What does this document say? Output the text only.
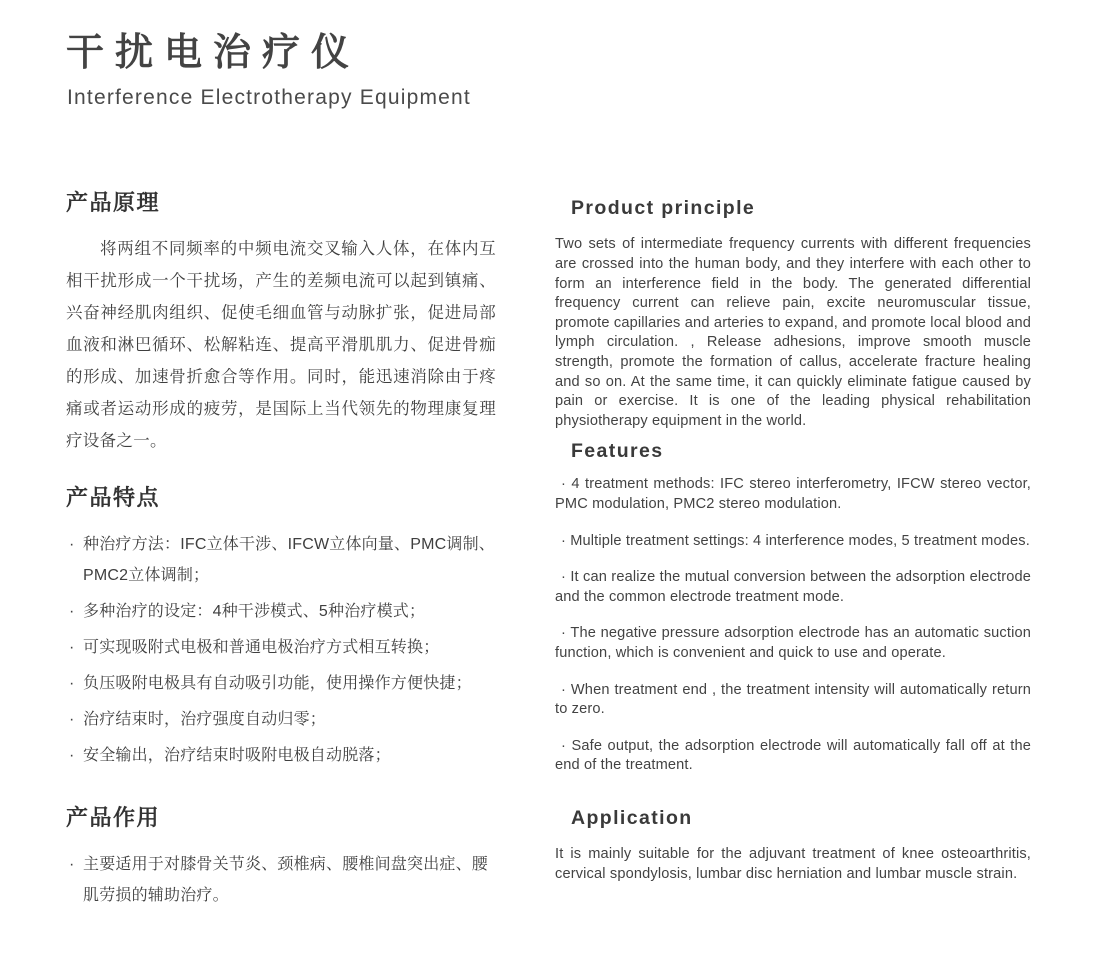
干扰电治疗仪
Interference Electrotherapy Equipment
产品原理

将两组不同频率的中频电流交叉输入人体，在体内互相干扰形成一个干扰场，产生的差频电流可以起到镇痛、兴奋神经肌肉组织、促使毛细血管与动脉扩张，促进局部血液和淋巴循环、松解粘连、提高平滑肌肌力、促进骨痂的形成、加速骨折愈合等作用。同时，能迅速消除由于疼痛或者运动形成的疲劳，是国际上当代领先的物理康复理疗设备之一。

产品特点
· 种治疗方法：IFC立体干涉、IFCW立体向量、PMC调制、PMC2立体调制；
· 多种治疗的设定：4种干涉模式、5种治疗模式；
· 可实现吸附式电极和普通电极治疗方式相互转换；
· 负压吸附电极具有自动吸引功能，使用操作方便快捷；
· 治疗结束时，治疗强度自动归零；
· 安全输出，治疗结束时吸附电极自动脱落；
产品作用
· 主要适用于对膝骨关节炎、颈椎病、腰椎间盘突出症、腰肌劳损的辅助治疗。
Product principle

Two sets of intermediate frequency currents with different frequencies are crossed into the human body, and they interfere with each other to form an interference field in the body. The generated differential frequency current can relieve pain, excite neuromuscular tissue, promote capillaries and arteries to expand, and promote local blood and lymph circulation. , Release adhesions, improve smooth muscle strength, promote the formation of callus, accelerate fracture healing and so on. At the same time, it can quickly eliminate fatigue caused by pain or exercise. It is one of the leading physical rehabilitation physiotherapy equipment in the world.

Features
· 4 treatment methods: IFC stereo interferometry, IFCW stereo vector, PMC modulation, PMC2 stereo modulation.
· Multiple treatment settings: 4 interference modes, 5 treatment modes.
· It can realize the mutual conversion between the adsorption electrode and the common electrode treatment mode.
· The negative pressure adsorption electrode has an automatic suction function, which is convenient and quick to use and operate.
· When treatment end , the treatment intensity will automatically return to zero.
· Safe output, the adsorption electrode will automatically fall off at the end of the treatment.
Application

It is mainly suitable for the adjuvant treatment of knee osteoarthritis, cervical spondylosis, lumbar disc herniation and lumbar muscle strain.
